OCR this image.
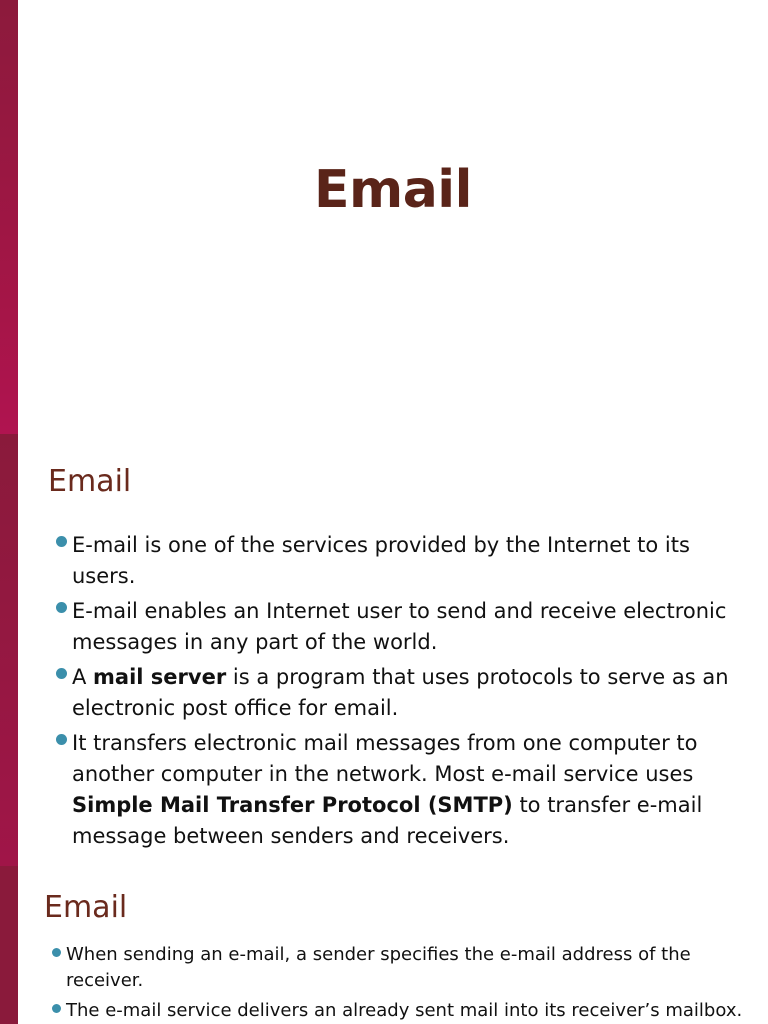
Email
Email
E-mail is one of the services provided by the Internet to its users.
E-mail enables an Internet user to send and receive electronic messages in any part of the world.
A mail server is a program that uses protocols to serve as an electronic post office for email.
It transfers electronic mail messages from one computer to another computer in the network. Most e-mail service uses Simple Mail Transfer Protocol (SMTP) to transfer e-mail message between senders and receivers.
Email
When sending an e-mail, a sender specifies the e-mail address of the receiver.
The e-mail service delivers an already sent mail into its receiver’s mailbox.
